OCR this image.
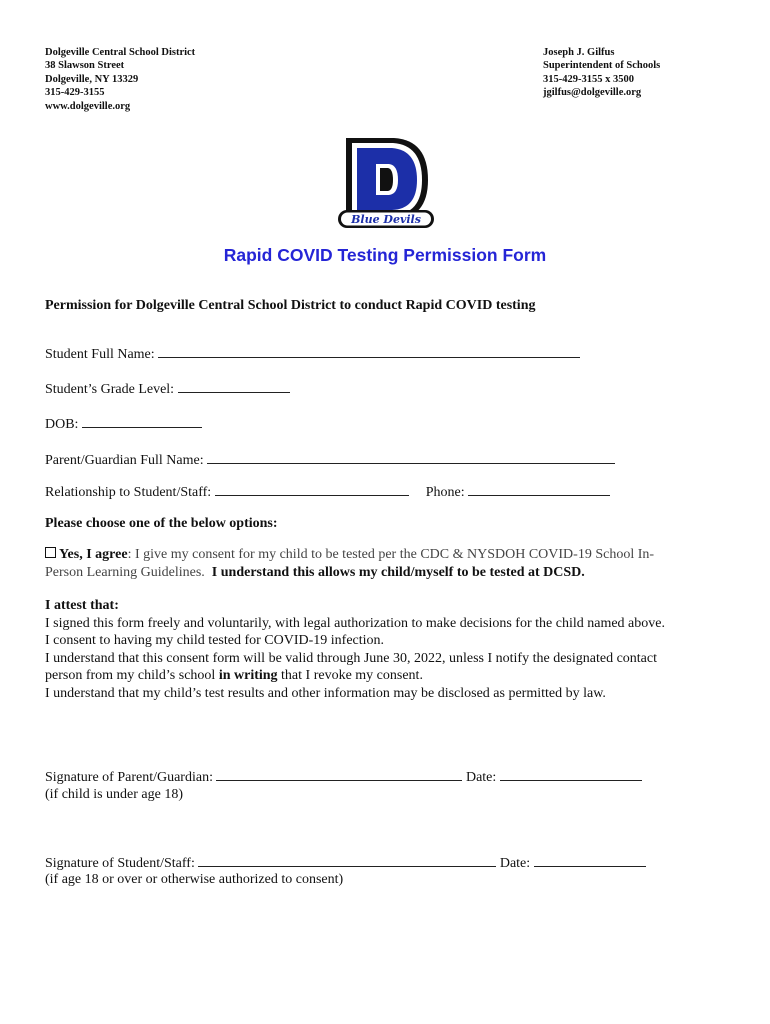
Dolgeville Central School District
38 Slawson Street
Dolgeville, NY 13329
315-429-3155
www.dolgeville.org
Joseph J. Gilfus
Superintendent of Schools
315-429-3155 x 3500
jgilfus@dolgeville.org
Blue Devils
Rapid COVID Testing Permission Form
Permission for Dolgeville Central School District to conduct Rapid COVID testing
Student Full Name:
Student’s Grade Level:
DOB:
Parent/Guardian Full Name:
Relationship to Student/Staff:	Phone:
Please choose one of the below options:
Yes, I agree: I give my consent for my child to be tested per the CDC & NYSDOH COVID-19 School In-
Person Learning Guidelines. I understand this allows my child/myself to be tested at DCSD.
I attest that:
I signed this form freely and voluntarily, with legal authorization to make decisions for the child named above.
I consent to having my child tested for COVID-19 infection.
I understand that this consent form will be valid through June 30, 2022, unless I notify the designated contact
person from my child’s school in writing that I revoke my consent.
I understand that my child’s test results and other information may be disclosed as permitted by law.
Signature of Parent/Guardian:	Date:
(if child is under age 18)
Signature of Student/Staff:	Date:
(if age 18 or over or otherwise authorized to consent)
